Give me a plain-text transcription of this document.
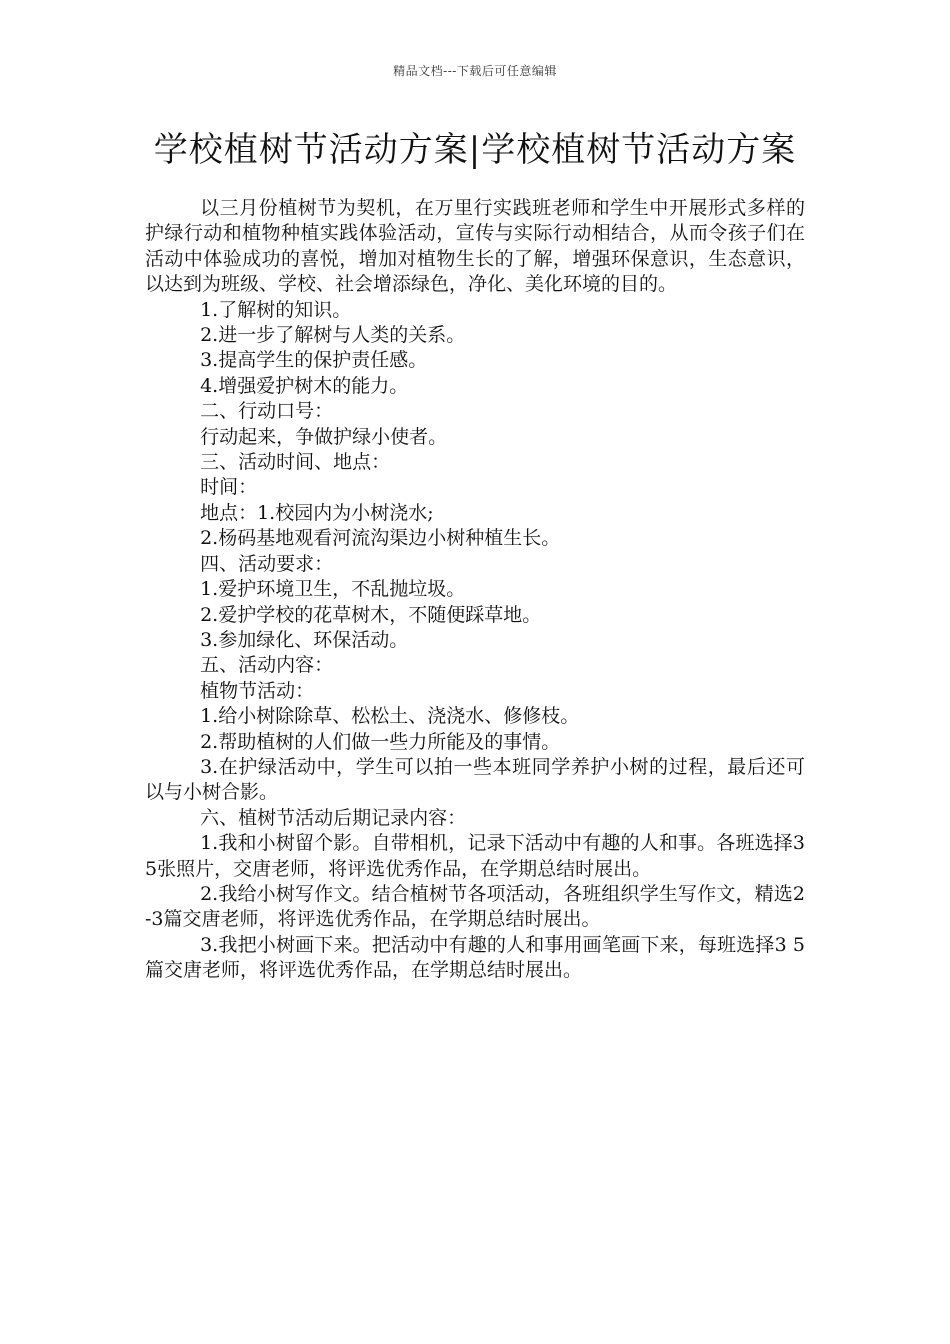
精品文档---下载后可任意编辑
学校植树节活动方案|学校植树节活动方案

以三月份植树节为契机，在万里行实践班老师和学生中开展形式多样的护绿行动和植物种植实践体验活动，宣传与实际行动相结合，从而令孩子们在活动中体验成功的喜悦，增加对植物生长的了解，增强环保意识，生态意识，以达到为班级、学校、社会增添绿色，净化、美化环境的目的。

1.了解树的知识。

2.进一步了解树与人类的关系。

3.提高学生的保护责任感。

4.增强爱护树木的能力。

二、行动口号：

行动起来，争做护绿小使者。

三、活动时间、地点：

时间：

地点：1.校园内为小树浇水;

2.杨码基地观看河流沟渠边小树种植生长。

四、活动要求：

1.爱护环境卫生，不乱抛垃圾。

2.爱护学校的花草树木，不随便踩草地。

3.参加绿化、环保活动。

五、活动内容：

植物节活动：

1.给小树除除草、松松土、浇浇水、修修枝。

2.帮助植树的人们做一些力所能及的事情。

3.在护绿活动中，学生可以拍一些本班同学养护小树的过程，最后还可以与小树合影。

六、植树节活动后期记录内容：

1.我和小树留个影。自带相机，记录下活动中有趣的人和事。各班选择3 5张照片，交唐老师，将评选优秀作品，在学期总结时展出。

2.我给小树写作文。结合植树节各项活动，各班组织学生写作文，精选2-3篇交唐老师，将评选优秀作品，在学期总结时展出。

3.我把小树画下来。把活动中有趣的人和事用画笔画下来，每班选择3 5篇交唐老师，将评选优秀作品，在学期总结时展出。
